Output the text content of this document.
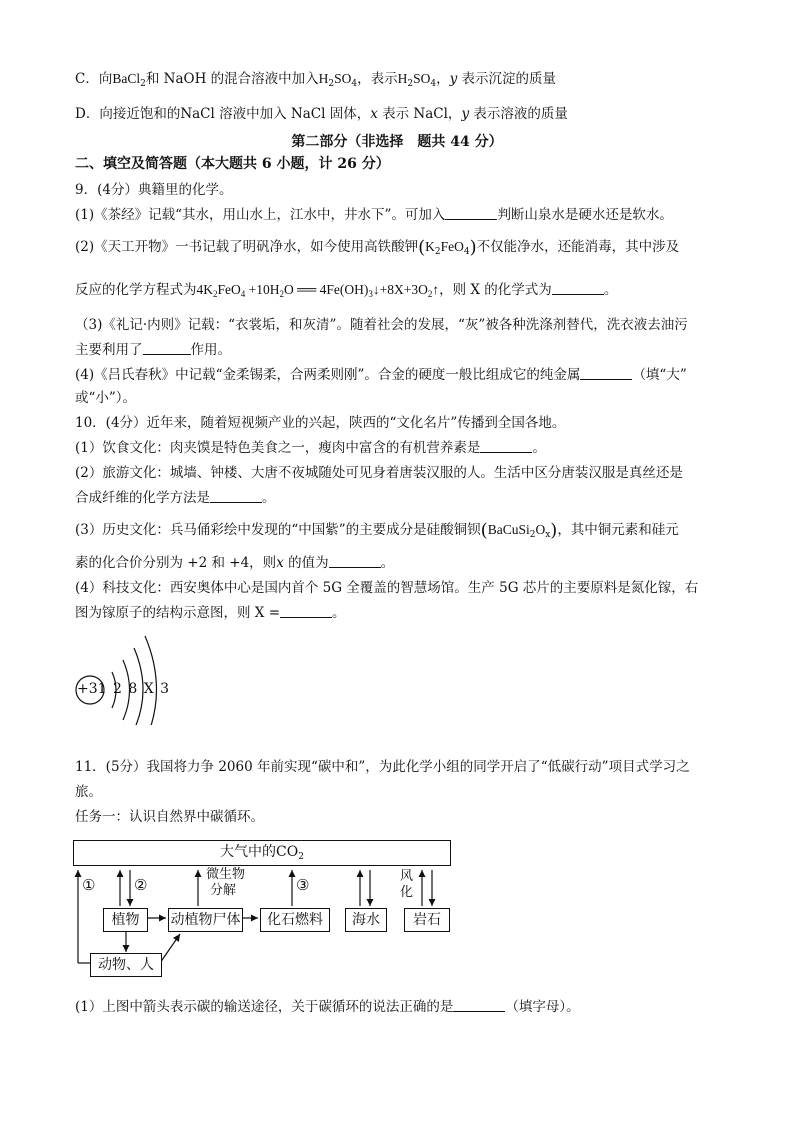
C．向BaCl$_2$和 NaOH 的混合溶液中加入$H_2SO_4$，表示$H_2SO_4$，y 表示沉淀的质量
D．向接近饱和的NaCl 溶液中加入 NaCl 固体，x 表示 NaCl，y 表示溶液的质量
第二部分（非选择　题共 44 分）
二、填空及简答题（本大题共 6 小题，计 26 分）
9．(4分）典籍里的化学。
(1)《茶经》记载“其水，用山水上，江水中，井水下”。可加入	判断山泉水是硬水还是软水。
(2)《天工开物》一书记载了明矾净水，如今使用高铁酸钾$(K_2FeO_4)$不仅能净水，还能消毒，其中涉及
反应的化学方程式为$4K_2FeO_4 +10H_2O$ ══ $4Fe(OH)_3↓+8X+3O_2↑$，则 X 的化学式为	。
（3)《礼记·内则》记载：“衣裳垢，和灰清”。随着社会的发展，“灰”被各种洗涤剂替代，洗衣液去油污
主要利用了	作用。
(4)《吕氏春秋》中记载“金柔锡柔，合两柔则刚”。合金的硬度一般比组成它的纯金属	（填“大”
或“小”）。
10．(4分）近年来，随着短视频产业的兴起，陕西的“文化名片”传播到全国各地。
(1）饮食文化：肉夹馍是特色美食之一，瘦肉中富含的有机营养素是	。
(2）旅游文化：城墙、钟楼、大唐不夜城随处可见身着唐装汉服的人。生活中区分唐装汉服是真丝还是
合成纤维的化学方法是	。
(3）历史文化：兵马俑彩绘中发现的“中国紫”的主要成分是硅酸铜钡$(BaCuSi_2O_x)$，其中铜元素和硅元
素的化合价分别为 +2 和 +4，则x 的值为	。
(4）科技文化：西安奥体中心是国内首个 5G 全覆盖的智慧场馆。生产 5G 芯片的主要原料是氮化镓，右
图为镓原子的结构示意图，则 X =	。
+31 2 8 X 3
11．(5分）我国将力争 2060 年前实现“碳中和”，为此化学小组的同学开启了“低碳行动”项目式学习之
旅。
任务一：认识自然界中碳循环。
大气中的$CO_2$
①	②
微生物
分解	③	风
化
植物	动植物尸体	化石燃料	海水	岩石
动物、人
(1）上图中箭头表示碳的输送途径，关于碳循环的说法正确的是	（填字母）。
